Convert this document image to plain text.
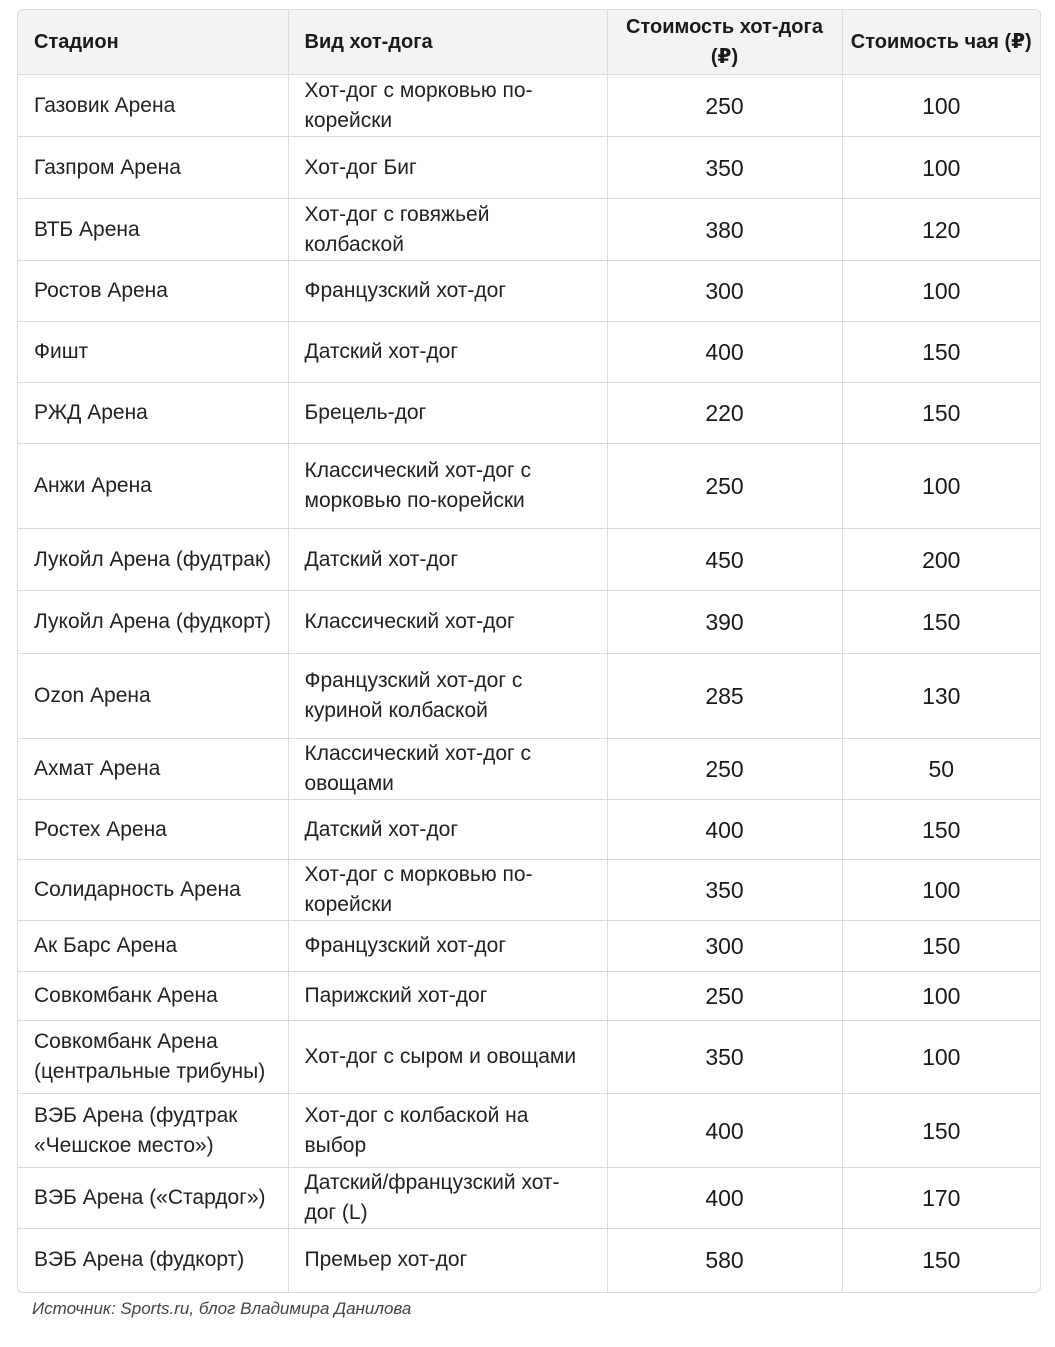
Стадион	Вид хот-дога	Стоимость хот-дога (₽)	Стоимость чая (₽)
Газовик Арена	Хот-дог с морковью по-корейски	250	100
Газпром Арена	Хот-дог Биг	350	100
ВТБ Арена	Хот-дог с говяжьей колбаской	380	120
Ростов Арена	Французский хот-дог	300	100
Фишт	Датский хот-дог	400	150
РЖД Арена	Брецель-дог	220	150
Анжи Арена	Классический хот-дог с морковью по-корейски	250	100
Лукойл Арена (фудтрак)	Датский хот-дог	450	200
Лукойл Арена (фудкорт)	Классический хот-дог	390	150
Ozon Арена	Французский хот-дог с куриной колбаской	285	130
Ахмат Арена	Классический хот-дог с овощами	250	50
Ростех Арена	Датский хот-дог	400	150
Солидарность Арена	Хот-дог с морковью по-корейски	350	100
Ак Барс Арена	Французский хот-дог	300	150
Совкомбанк Арена	Парижский хот-дог	250	100
Совкомбанк Арена (центральные трибуны)	Хот-дог с сыром и овощами	350	100
ВЭБ Арена (фудтрак «Чешское место»)	Хот-дог с колбаской на выбор	400	150
ВЭБ Арена («Стардог»)	Датский/французский хот-дог (L)	400	170
ВЭБ Арена (фудкорт)	Премьер хот-дог	580	150
Источник: Sports.ru, блог Владимира Данилова
